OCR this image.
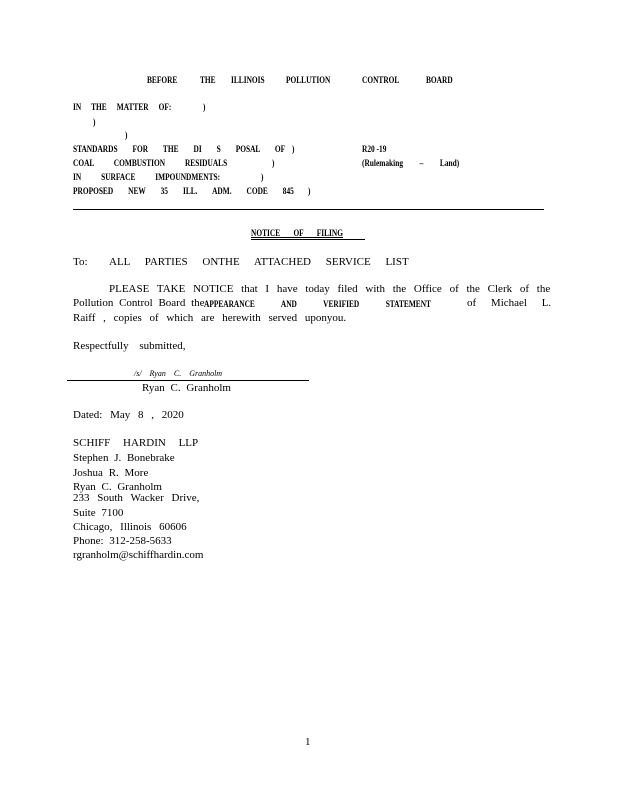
BEFORE	THE ILLINOIS POLLUTION	CONTROL	BOARD
IN THE MATTER OF:	)
)
)
STANDARDS FOR THE DI S POSAL OF )	R20 -19
COAL COMBUSTION RESIDUALS	)	(Rulemaking – Land)
IN SURFACE IMPOUNDMENTS:	)
PROPOSED NEW 35 ILL. ADM. CODE 845 )
NOTICE OF FILING
To: ALL PARTIES ONTHE ATTACHED SERVICE LIST
PLEASE TAKE NOTICE that I have today filed with the Office of the Clerk of the
Pollution Control Board the APPEARANCE AND VERIFIED STATEMENT	of Michael L.
Raiff , copies of which are herewith served uponyou.
Respectfully submitted,
/s/ Ryan C. Granholm
Ryan C. Granholm
Dated: May 8 , 2020
SCHIFF HARDIN LLP
Stephen J. Bonebrake
Joshua R. More
Ryan C. Granholm
233 South Wacker Drive,
Suite 7100
Chicago, Illinois 60606
Phone: 312-258-5633
rgranholm@schiffhardin.com
1
